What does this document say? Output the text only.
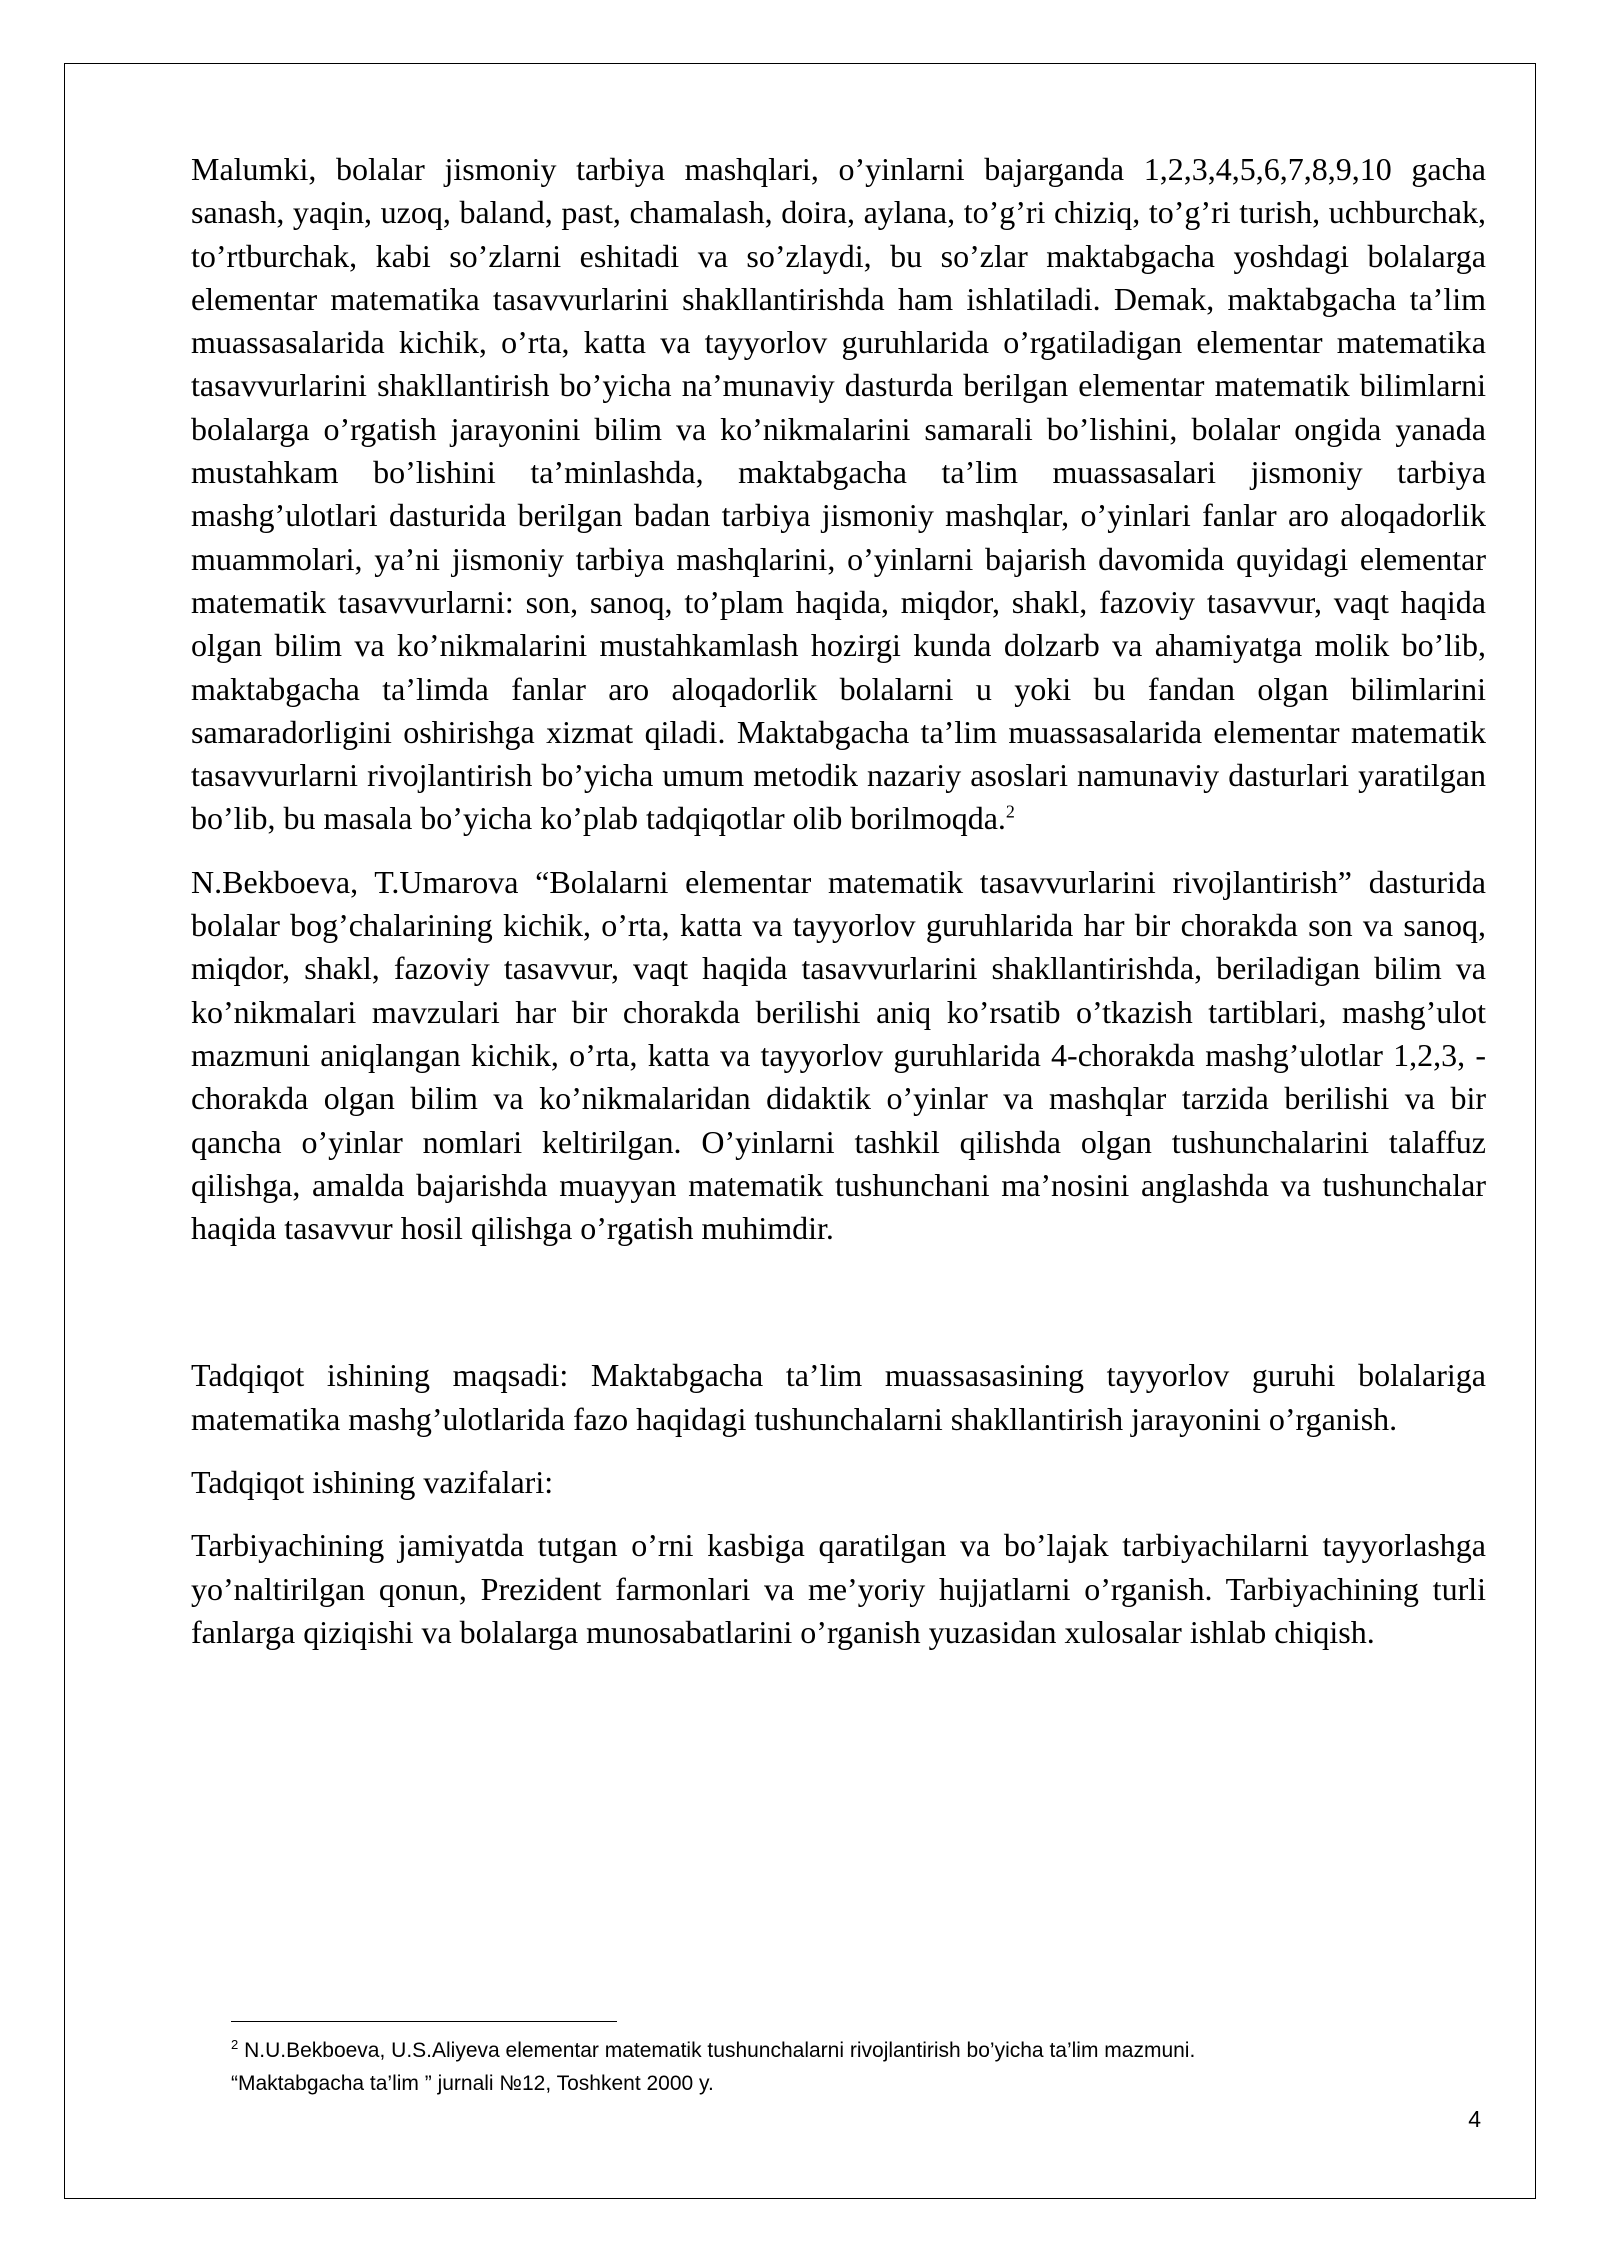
Malumki, bolalar jismoniy tarbiya mashqlari, o’yinlarni bajarganda 1,2,3,4,5,6,7,8,9,10 gacha sanash, yaqin, uzoq, baland, past, chamalash, doira, aylana, to’g’ri chiziq, to’g’ri turish, uchburchak, to’rtburchak, kabi so’zlarni eshitadi va so’zlaydi, bu so’zlar maktabgacha yoshdagi bolalarga elementar matematika tasavvurlarini shakllantirishda ham ishlatiladi. Demak, maktabgacha ta’lim muassasalarida kichik, o’rta, katta va tayyorlov guruhlarida o’rgatiladigan elementar matematika tasavvurlarini shakllantirish bo’yicha na’munaviy dasturda berilgan elementar matematik bilimlarni bolalarga o’rgatish jarayonini bilim va ko’nikmalarini samarali bo’lishini, bolalar ongida yanada mustahkam bo’lishini ta’minlashda, maktabgacha ta’lim muassasalari jismoniy tarbiya mashg’ulotlari dasturida berilgan badan tarbiya jismoniy mashqlar, o’yinlari fanlar aro aloqadorlik muammolari, ya’ni jismoniy tarbiya mashqlarini, o’yinlarni bajarish davomida quyidagi elementar matematik tasavvurlarni: son, sanoq, to’plam haqida, miqdor, shakl, fazoviy tasavvur, vaqt haqida olgan bilim va ko’nikmalarini mustahkamlash hozirgi kunda dolzarb va ahamiyatga molik bo’lib, maktabgacha ta’limda fanlar aro aloqadorlik bolalarni u yoki bu fandan olgan bilimlarini samaradorligini oshirishga xizmat qiladi. Maktabgacha ta’lim muassasalarida elementar matematik tasavvurlarni rivojlantirish bo’yicha umum metodik nazariy asoslari namunaviy dasturlari yaratilgan bo’lib, bu masala bo’yicha ko’plab tadqiqotlar olib borilmoqda.$^2$

N.Bekboeva, T.Umarova “Bolalarni elementar matematik tasavvurlarini rivojlantirish” dasturida bolalar bog’chalarining kichik, o’rta, katta va tayyorlov guruhlarida har bir chorakda son va sanoq, miqdor, shakl, fazoviy tasavvur, vaqt haqida tasavvurlarini shakllantirishda, beriladigan bilim va ko’nikmalari mavzulari har bir chorakda berilishi aniq ko’rsatib o’tkazish tartiblari, mashg’ulot mazmuni aniqlangan kichik, o’rta, katta va tayyorlov guruhlarida 4-chorakda mashg’ulotlar 1,2,3, - chorakda olgan bilim va ko’nikmalaridan didaktik o’yinlar va mashqlar tarzida berilishi va bir qancha o’yinlar nomlari keltirilgan. O’yinlarni tashkil qilishda olgan tushunchalarini talaffuz qilishga, amalda bajarishda muayyan matematik tushunchani ma’nosini anglashda va tushunchalar haqida tasavvur hosil qilishga o’rgatish muhimdir.

Tadqiqot ishining maqsadi: Maktabgacha ta’lim muassasasining tayyorlov guruhi bolalariga matematika mashg’ulotlarida fazo haqidagi tushunchalarni shakllantirish jarayonini o’rganish.

Tadqiqot ishining vazifalari:

Tarbiyachining jamiyatda tutgan o’rni kasbiga qaratilgan va bo’lajak tarbiyachilarni tayyorlashga yo’naltirilgan qonun, Prezident farmonlari va me’yoriy hujjatlarni o’rganish. Tarbiyachining turli fanlarga qiziqishi va bolalarga munosabatlarini o’rganish yuzasidan xulosalar ishlab chiqish.

$^2$ N.U.Bekboeva, U.S.Aliyeva elementar matematik tushunchalarni rivojlantirish bo’yicha ta’lim mazmuni.
“Maktabgacha ta’lim ” jurnali №12, Toshkent 2000 y.

4
